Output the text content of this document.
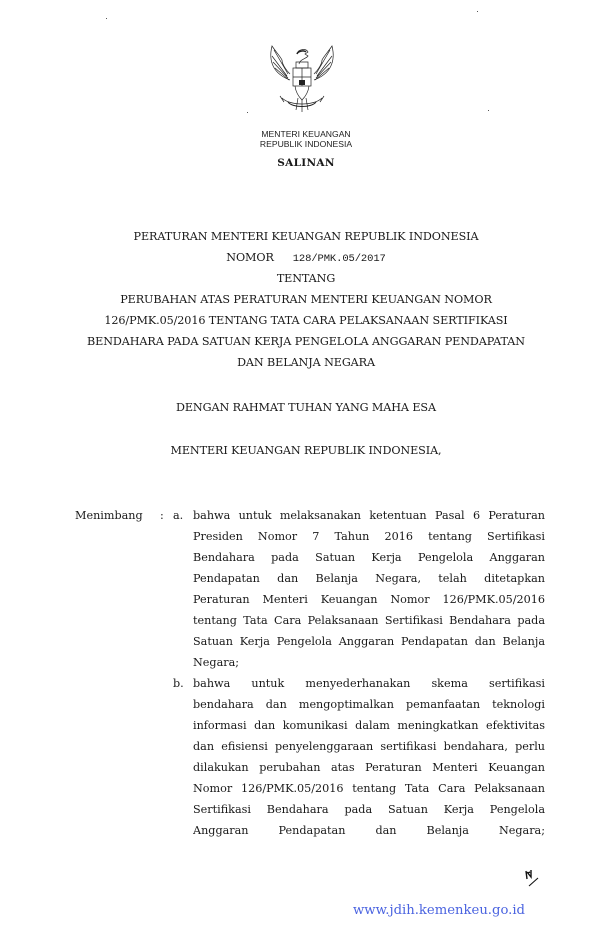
MENTERI KEUANGAN
REPUBLIK INDONESIA
SALINAN
PERATURAN MENTERI KEUANGAN REPUBLIK INDONESIA
NOMOR 128/PMK.05/2017
TENTANG
PERUBAHAN ATAS PERATURAN MENTERI KEUANGAN NOMOR
126/PMK.05/2016 TENTANG TATA CARA PELAKSANAAN SERTIFIKASI
BENDAHARA PADA SATUAN KERJA PENGELOLA ANGGARAN PENDAPATAN
DAN BELANJA NEGARA
DENGAN RAHMAT TUHAN YANG MAHA ESA
MENTERI KEUANGAN REPUBLIK INDONESIA,
Menimbang : a. bahwa untuk melaksanakan ketentuan Pasal 6 Peraturan
Presiden Nomor 7 Tahun 2016 tentang Sertifikasi
Bendahara pada Satuan Kerja Pengelola Anggaran
Pendapatan dan Belanja Negara, telah ditetapkan
Peraturan Menteri Keuangan Nomor 126/PMK.05/2016
tentang Tata Cara Pelaksanaan Sertifikasi Bendahara pada
Satuan Kerja Pengelola Anggaran Pendapatan dan Belanja
Negara;
b. bahwa untuk menyederhanakan skema sertifikasi
bendahara dan mengoptimalkan pemanfaatan teknologi
informasi dan komunikasi dalam meningkatkan efektivitas
dan efisiensi penyelenggaraan sertifikasi bendahara, perlu
dilakukan perubahan atas Peraturan Menteri Keuangan
Nomor 126/PMK.05/2016 tentang Tata Cara Pelaksanaan
Sertifikasi Bendahara pada Satuan Kerja Pengelola
Anggaran Pendapatan dan Belanja Negara;
www.jdih.kemenkeu.go.id
